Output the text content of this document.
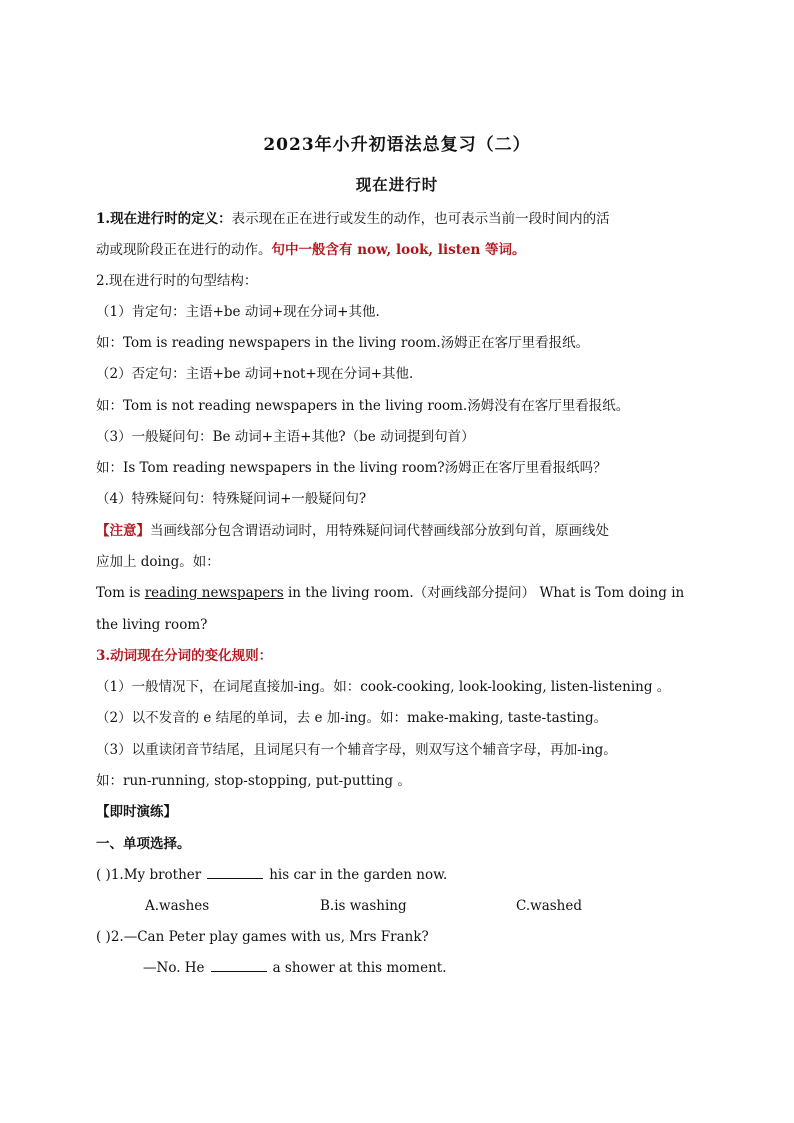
2023年小升初语法总复习（二）
现在进行时
1.现在进行时的定义：表示现在正在进行或发生的动作，也可表示当前一段时间内的活
动或现阶段正在进行的动作。句中一般含有 now, look, listen 等词。
2.现在进行时的句型结构：
（1）肯定句：主语+be 动词+现在分词+其他.
如：Tom is reading newspapers in the living room.汤姆正在客厅里看报纸。
（2）否定句：主语+be 动词+not+现在分词+其他.
如：Tom is not reading newspapers in the living room.汤姆没有在客厅里看报纸。
（3）一般疑问句：Be 动词+主语+其他?（be 动词提到句首）
如：Is Tom reading newspapers in the living room?汤姆正在客厅里看报纸吗？
（4）特殊疑问句：特殊疑问词+一般疑问句?
【注意】当画线部分包含谓语动词时，用特殊疑问词代替画线部分放到句首，原画线处
应加上 doing。如：
Tom is reading newspapers in the living room.（对画线部分提问） What is Tom doing in
the living room?
3.动词现在分词的变化规则：
（1）一般情况下，在词尾直接加-ing。如：cook-cooking, look-looking, listen-listening 。
（2）以不发音的 e 结尾的单词，去 e 加-ing。如：make-making, taste-tasting。
（3）以重读闭音节结尾，且词尾只有一个辅音字母，则双写这个辅音字母，再加-ing。
如：run-running, stop-stopping, put-putting 。
【即时演练】
一、单项选择。
( )1.My brother	his car in the garden now.
A.washes	B.is washing	C.washed
( )2.—Can Peter play games with us, Mrs Frank?
—No. He	a shower at this moment.
